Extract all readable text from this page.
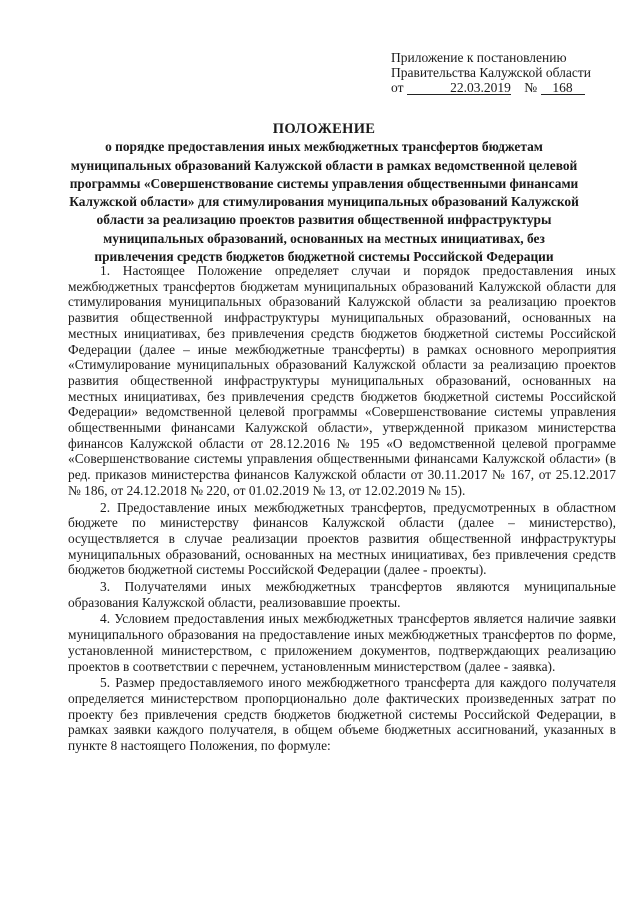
Приложение к постановлению
Правительства Калужской области
от	22.03.2019 № 168
ПОЛОЖЕНИЕ
о порядке предоставления иных межбюджетных трансфертов бюджетам
муниципальных образований Калужской области в рамках ведомственной целевой
программы «Совершенствование системы управления общественными финансами
Калужской области» для стимулирования муниципальных образований Калужской
области за реализацию проектов развития общественной инфраструктуры
муниципальных образований, основанных на местных инициативах, без
привлечения средств бюджетов бюджетной системы Российской Федерации

1. Настоящее Положение определяет случаи и порядок предоставления иных межбюджетных трансфертов бюджетам муниципальных образований Калужской области для стимулирования муниципальных образований Калужской области за реализацию проектов развития общественной инфраструктуры муниципальных образований, основанных на местных инициативах, без привлечения средств бюджетов бюджетной системы Российской Федерации (далее – иные межбюджетные трансферты) в рамках основного мероприятия «Стимулирование муниципальных образований Калужской области за реализацию проектов развития общественной инфраструктуры муниципальных образований, основанных на местных инициативах, без привлечения средств бюджетов бюджетной системы Российской Федерации» ведомственной целевой программы «Совершенствование системы управления общественными финансами Калужской области», утвержденной приказом министерства финансов Калужской области от 28.12.2016 № 195 «О ведомственной целевой программе «Совершенствование системы управления общественными финансами Калужской области» (в ред. приказов министерства финансов Калужской области от 30.11.2017 № 167, от 25.12.2017 № 186, от 24.12.2018 № 220, от 01.02.2019 № 13, от 12.02.2019 № 15).

2. Предоставление иных межбюджетных трансфертов, предусмотренных в областном бюджете по министерству финансов Калужской области (далее – министерство), осуществляется в случае реализации проектов развития общественной инфраструктуры муниципальных образований, основанных на местных инициативах, без привлечения средств бюджетов бюджетной системы Российской Федерации (далее - проекты).

3. Получателями иных межбюджетных трансфертов являются муниципальные образования Калужской области, реализовавшие проекты.

4. Условием предоставления иных межбюджетных трансфертов является наличие заявки муниципального образования на предоставление иных межбюджетных трансфертов по форме, установленной министерством, с приложением документов, подтверждающих реализацию проектов в соответствии с перечнем, установленным министерством (далее - заявка).

5. Размер предоставляемого иного межбюджетного трансферта для каждого получателя определяется министерством пропорционально доле фактических произведенных затрат по проекту без привлечения средств бюджетов бюджетной системы Российской Федерации, в рамках заявки каждого получателя, в общем объеме бюджетных ассигнований, указанных в пункте 8 настоящего Положения, по формуле:
